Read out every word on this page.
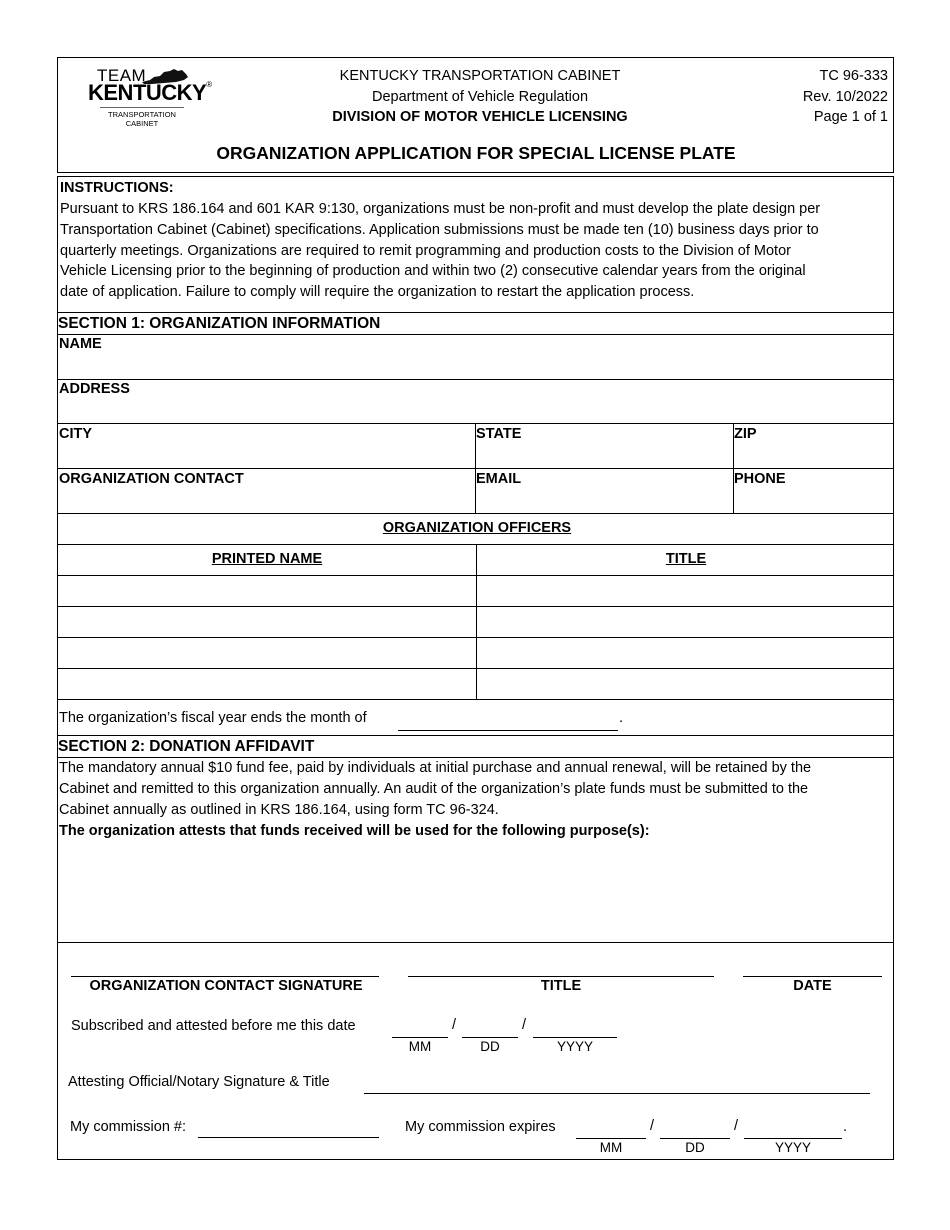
TEAM
KENTUCKY®
TRANSPORTATION
CABINET
KENTUCKY TRANSPORTATION CABINET
Department of Vehicle Regulation
DIVISION OF MOTOR VEHICLE LICENSING
TC 96-333
Rev. 10/2022
Page 1 of 1
ORGANIZATION APPLICATION FOR SPECIAL LICENSE PLATE
INSTRUCTIONS:
Pursuant to KRS 186.164 and 601 KAR 9:130, organizations must be non-profit and must develop the plate design per
Transportation Cabinet (Cabinet) specifications. Application submissions must be made ten (10) business days prior to
quarterly meetings. Organizations are required to remit programming and production costs to the Division of Motor
Vehicle Licensing prior to the beginning of production and within two (2) consecutive calendar years from the original
date of application. Failure to comply will require the organization to restart the application process.
SECTION 1: ORGANIZATION INFORMATION
NAME
ADDRESS
CITY	STATE	ZIP
ORGANIZATION CONTACT	EMAIL	PHONE
ORGANIZATION OFFICERS
PRINTED NAME	TITLE
The organization’s fiscal year ends the month of	.
SECTION 2: DONATION AFFIDAVIT
The mandatory annual $10 fund fee, paid by individuals at initial purchase and annual renewal, will be retained by the
Cabinet and remitted to this organization annually. An audit of the organization’s plate funds must be submitted to the
Cabinet annually as outlined in KRS 186.164, using form TC 96-324.
The organization attests that funds received will be used for the following purpose(s):
ORGANIZATION CONTACT SIGNATURE	TITLE	DATE
Subscribed and attested before me this date	/	/
MM	DD	YYYY
Attesting Official/Notary Signature & Title
My commission #:	My commission expires	/	/	.
MM	DD	YYYY
